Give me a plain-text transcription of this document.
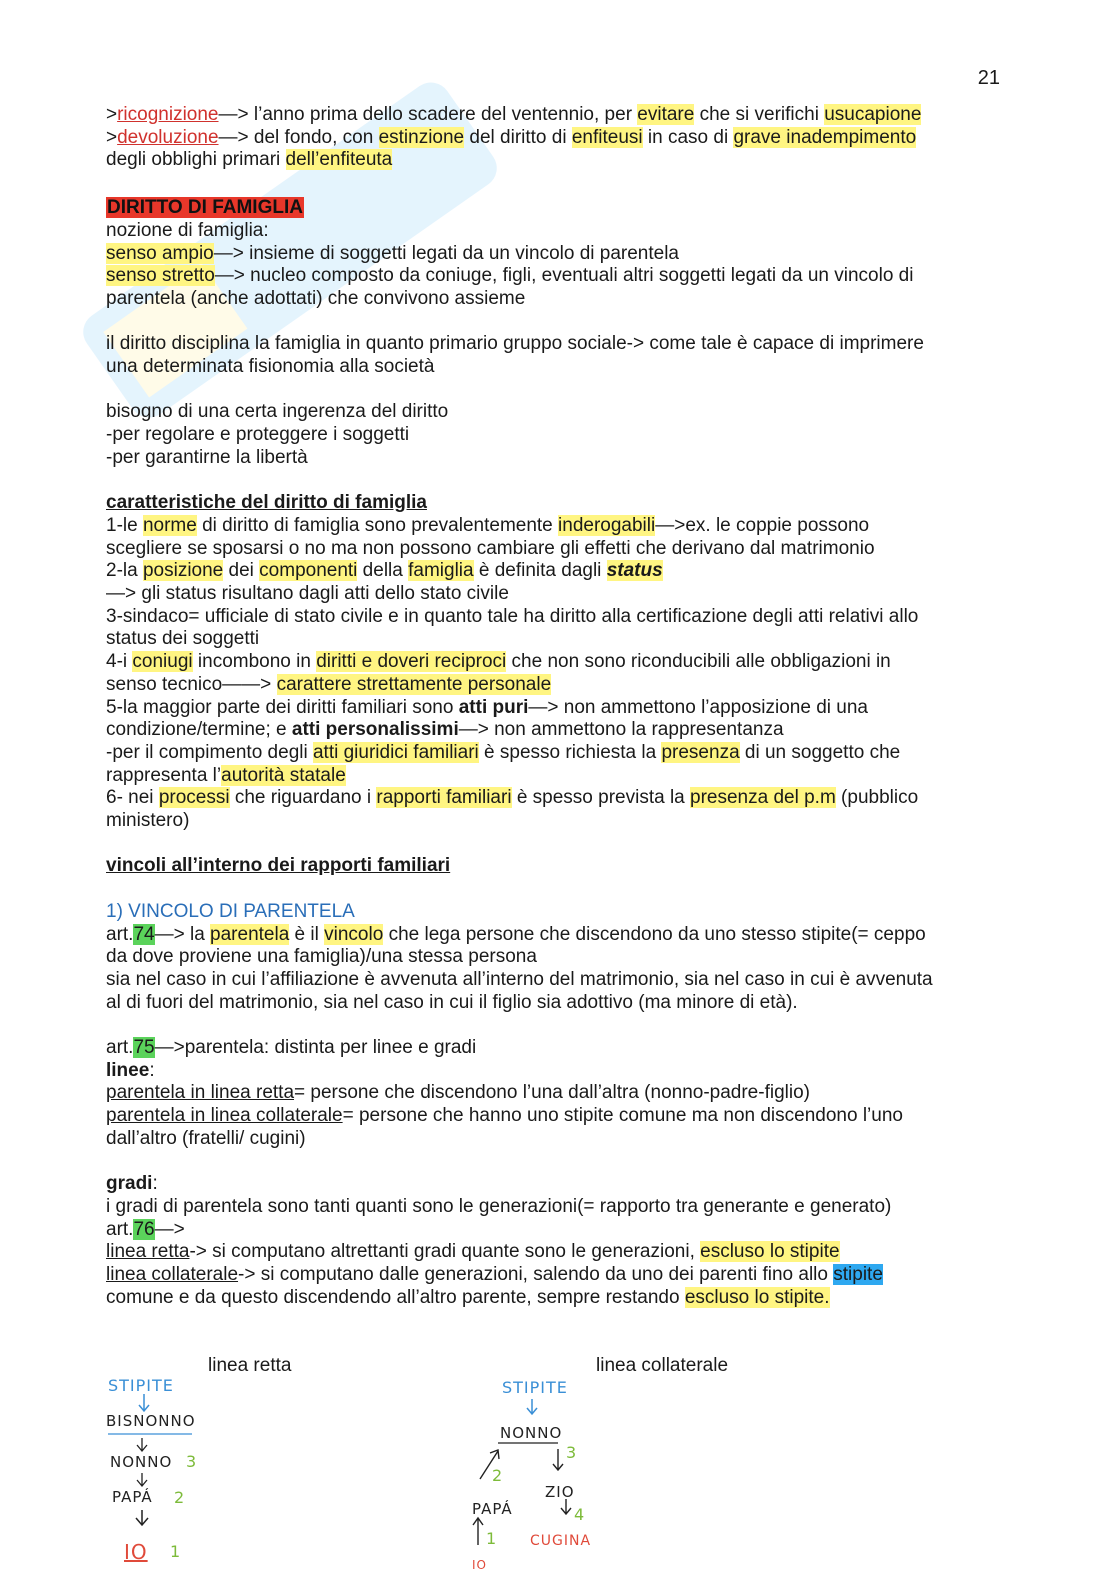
21
>ricognizione—> l’anno prima dello scadere del ventennio, per evitare che si verifichi usucapione
>devoluzione—> del fondo, con estinzione del diritto di enfiteusi in caso di grave inadempimento
degli obblighi primari dell’enfiteuta
DIRITTO DI FAMIGLIA
nozione di famiglia:
senso ampio—> insieme di soggetti legati da un vincolo di parentela
senso stretto—> nucleo composto da coniuge, figli, eventuali altri soggetti legati da un vincolo di
parentela (anche adottati) che convivono assieme
il diritto disciplina la famiglia in quanto primario gruppo sociale-> come tale è capace di imprimere
una determinata fisionomia alla società
bisogno di una certa ingerenza del diritto
-per regolare e proteggere i soggetti
-per garantirne la libertà
caratteristiche del diritto di famiglia
1-le norme di diritto di famiglia sono prevalentemente inderogabili—>ex. le coppie possono
scegliere se sposarsi o no ma non possono cambiare gli effetti che derivano dal matrimonio
2-la posizione dei componenti della famiglia è definita dagli status
—> gli status risultano dagli atti dello stato civile
3-sindaco= ufficiale di stato civile e in quanto tale ha diritto alla certificazione degli atti relativi allo
status dei soggetti
4-i coniugi incombono in diritti e doveri reciproci che non sono riconducibili alle obbligazioni in
senso tecnico——> carattere strettamente personale
5-la maggior parte dei diritti familiari sono atti puri—> non ammettono l’apposizione di una
condizione/termine; e atti personalissimi—> non ammettono la rappresentanza
-per il compimento degli atti giuridici familiari è spesso richiesta la presenza di un soggetto che
rappresenta l’autorità statale
6- nei processi che riguardano i rapporti familiari è spesso prevista la presenza del p.m (pubblico
ministero)
vincoli all’interno dei rapporti familiari
1) VINCOLO DI PARENTELA
art.74—> la parentela è il vincolo che lega persone che discendono da uno stesso stipite(= ceppo
da dove proviene una famiglia)/una stessa persona
sia nel caso in cui l’affiliazione è avvenuta all’interno del matrimonio, sia nel caso in cui è avvenuta
al di fuori del matrimonio, sia nel caso in cui il figlio sia adottivo (ma minore di età).
art.75—>parentela: distinta per linee e gradi
linee:
parentela in linea retta= persone che discendono l’una dall’altra (nonno-padre-figlio)
parentela in linea collaterale= persone che hanno uno stipite comune ma non discendono l’uno
dall’altro (fratelli/ cugini)
gradi:
i gradi di parentela sono tanti quanti sono le generazioni(= rapporto tra generante e generato)
art.76—>
linea retta-> si computano altrettanti gradi quante sono le generazioni, escluso lo stipite
linea collaterale-> si computano dalle generazioni, salendo da uno dei parenti fino allo stipite
comune e da questo discendendo all’altro parente, sempre restando escluso lo stipite.
linea retta	linea collaterale
STIPITE
BISNONNO
NONNO 3
PAPÁ 2
IO 1
STIPITE
NONNO
PAPÁ
ZIO
CUGINA
1
2
3
4
IO
